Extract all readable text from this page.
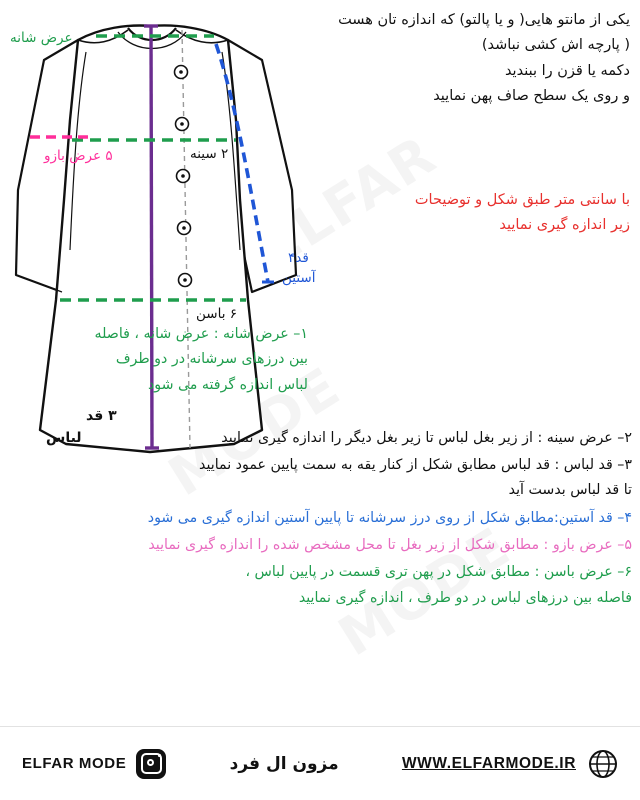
عرض شانه
۵ عرض بازو	۲ سینه
قد۴
آستین
۶ باسن
۳ قد
لباس
یکی از مانتو هایی( و یا پالتو) که اندازه تان هست
( پارچه اش کشی نباشد)
دکمه یا قزن را ببندید
و روی یک سطح صاف پهن نمایید
با سانتی متر طبق شکل و توضیحات
زیر اندازه گیری نمایید
۱– عرض شانه : عرض شانه ، فاصله
بین درزهای سرشانه در دو طرف
لباس اندازه گرفته می شود
۲– عرض سینه : از زیر بغل لباس تا زیر بغل دیگر را اندازه گیری نمایید
۳– قد لباس : قد لباس مطابق شکل از کنار یقه به سمت پایین عمود نمایید
تا قد لباس بدست آید
۴– قد آستین:مطابق شکل از روی درز سرشانه تا پایین آستین اندازه گیری می شود
۵– عرض بازو : مطابق شکل از زیر بغل تا محل مشخص شده را اندازه گیری نمایید
۶– عرض باسن : مطابق شکل در پهن تری قسمت در پایین لباس ،
فاصله بین درزهای لباس در دو طرف ، اندازه گیری نمایید
WWW.ELFARMODE.IR
مزون ال فرد
ELFAR MODE
